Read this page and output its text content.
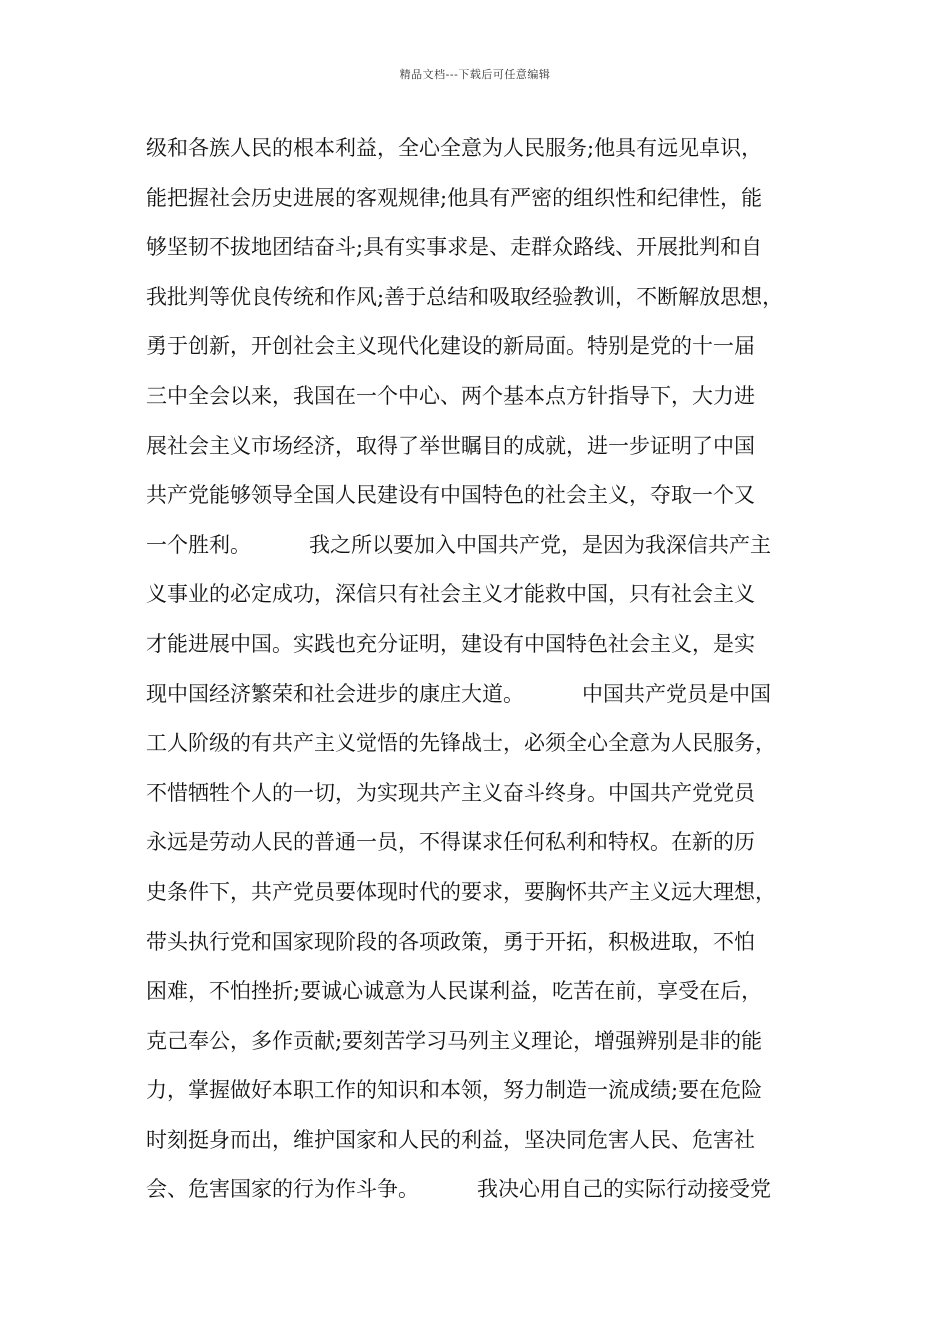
精品文档---下载后可任意编辑
级和各族人民的根本利益，全心全意为人民服务;他具有远见卓识，
能把握社会历史进展的客观规律;他具有严密的组织性和纪律性，能
够坚韧不拔地团结奋斗;具有实事求是、走群众路线、开展批判和自
我批判等优良传统和作风;善于总结和吸取经验教训，不断解放思想，
勇于创新，开创社会主义现代化建设的新局面。特别是党的十一届
三中全会以来，我国在一个中心、两个基本点方针指导下，大力进
展社会主义市场经济，取得了举世瞩目的成就，进一步证明了中国
共产党能够领导全国人民建设有中国特色的社会主义，夺取一个又
一个胜利。	我之所以要加入中国共产党，是因为我深信共产主
义事业的必定成功，深信只有社会主义才能救中国，只有社会主义
才能进展中国。实践也充分证明，建设有中国特色社会主义，是实
现中国经济繁荣和社会进步的康庄大道。	中国共产党员是中国
工人阶级的有共产主义觉悟的先锋战士，必须全心全意为人民服务，
不惜牺牲个人的一切，为实现共产主义奋斗终身。中国共产党党员
永远是劳动人民的普通一员，不得谋求任何私利和特权。在新的历
史条件下，共产党员要体现时代的要求，要胸怀共产主义远大理想，
带头执行党和国家现阶段的各项政策，勇于开拓，积极进取，不怕
困难，不怕挫折;要诚心诚意为人民谋利益，吃苦在前，享受在后，
克己奉公，多作贡献;要刻苦学习马列主义理论，增强辨别是非的能
力，掌握做好本职工作的知识和本领，努力制造一流成绩;要在危险
时刻挺身而出，维护国家和人民的利益，坚决同危害人民、危害社
会、危害国家的行为作斗争。	我决心用自己的实际行动接受党
